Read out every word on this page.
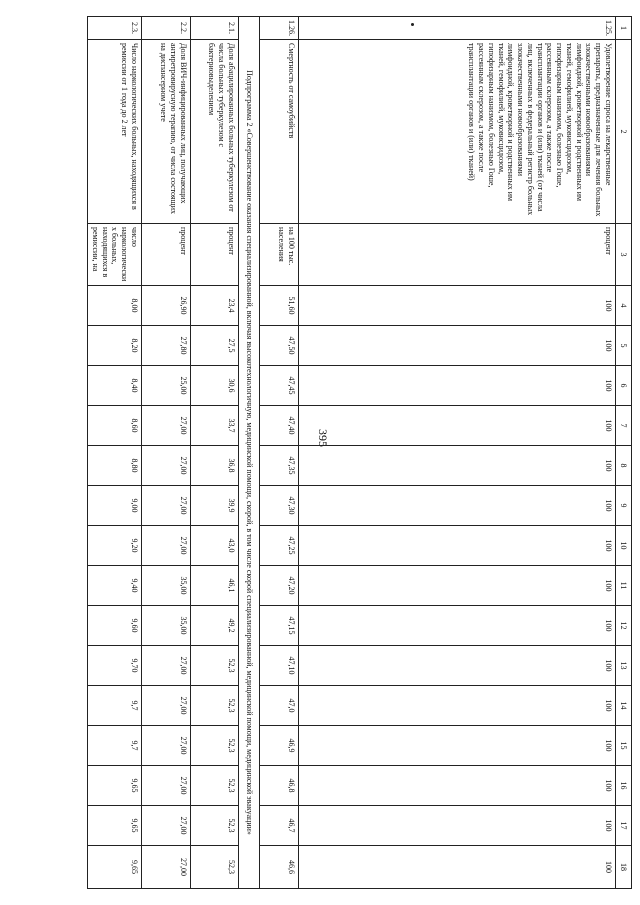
395
1	2	3	4	5	6	7	8	9	10	11	12	13	14	15	16	17	18
1.25.	Удовлетворение спроса на лекарственные препараты, предназначенные для лечения больных злокачественными новообразованиями лимфоидной, кроветворной и родственных им тканей, гемофилией, муковисцидозом, гипофизарным нанизмом, болезнью Гоше, рассеянным склерозом, а также после трансплантации органов и (или) тканей (от числа лиц, включенных в федеральный регистр больных злокачественными новообразованиями лимфоидной, кроветворной и родственных им тканей, гемофилией, муковисцидозом, гипофизарным нанизмом, болезнью Гоше, рассеянным склерозом, а также после трансплантации органов и (или) тканей)	процент	100	100	100	100	100	100	100	100	100	100	100	100	100	100	100
1.26.	Смертность от самоубийств	на 100 тыс. населения	51,60	47,50	47,45	47,40	47,35	47,30	47,25	47,20	47,15	47,10	47,0	46,9	46,8	46,7	46,6
Подпрограмма 2 «Совершенствование оказания специализированной, включая высокотехнологичную, медицинской помощи, скорой, в том числе скорой специализированной, медицинской помощи, медицинской эвакуации»																	
2.1.	Доля абацилированных больных туберкулезом от числа больных туберкулезом с бактериовыделением	процент	23,4	27,5	30,6	33,7	36,8	39,9	43,0	46,1	49,2	52,3	52,3	52,3	52,3	52,3	52,3
2.2.	Доля ВИЧ-инфицированных лиц, получающих антиретровирусную терапию, от числа состоящих на диспансерном учете	процент	26,90	27,80	25,00	27,00	27,00	27,00	27,00	35,00	35,00	27,00	27,00	27,00	27,00	27,00	27,00
2.3.	Число наркологических больных, находящихся в ремиссии от 1 года до 2 лет	число наркологических больных, находящихся в ремиссии, на	8,00	8,20	8,40	8,60	8,80	9,00	9,20	9,40	9,60	9,70	9,7	9,7	9,65	9,65	9,65
